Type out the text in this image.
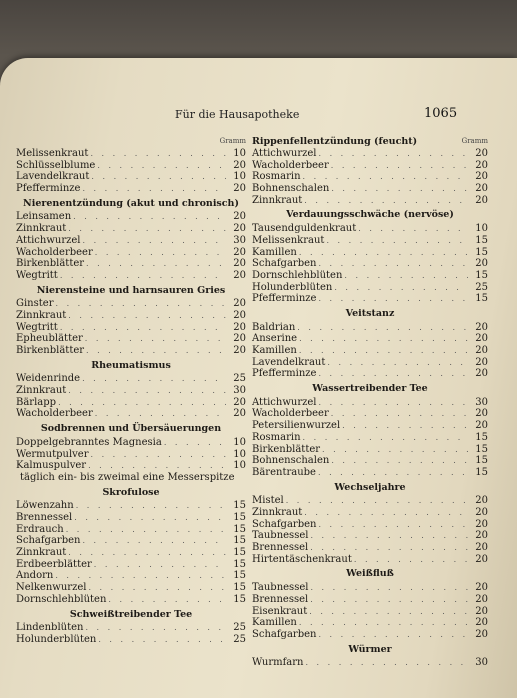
Für die Hausapotheke	1065
Gramm
Melissenkraut . . .	10
Schlüsselblume . . .	20
Lavendelkraut . . .	10
Pfefferminze . . .	20
Nierenentzündung (akut und chronisch)
Leinsamen . . .	20
Zinnkraut . . .	20
Attichwurzel . . .	30
Wacholderbeer . . .	20
Birkenblätter . . .	20
Wegtritt . . .	20
Nierensteine und harnsauren Gries
Ginster . . .	20
Zinnkraut . . .	20
Wegtritt . . .	20
Epheublätter . . .	20
Birkenblätter . . .	20
Rheumatismus
Weidenrinde . . .	25
Zinnkraut . . .	30
Bärlapp . . .	20
Wacholderbeer . . .	20
Sodbrennen und Übersäuerungen
Doppelgebranntes Magnesia . . .	10
Wermutpulver . . .	10
Kalmuspulver . . .	10
täglich ein- bis zweimal eine Messerspitze
Skrofulose
Löwenzahn . . .	15
Brennessel . . .	15
Erdrauch . . .	15
Schafgarben . . .	15
Zinnkraut . . .	15
Erdbeerblätter . . .	15
Andorn . . .	15
Nelkenwurzel . . .	15
Dornschlehblüten . . .	15
Schweißtreibender Tee
Lindenblüten . . .	25
Holunderblüten . . .	25
Rippenfellentzündung (feucht)	Gramm
Attichwurzel . . .	20
Wacholderbeer . . .	20
Rosmarin . . .	20
Bohnenschalen . . .	20
Zinnkraut . . .	20
Verdauungsschwäche (nervöse)
Tausendguldenkraut . . .	10
Melissenkraut . . .	15
Kamillen . . .	15
Schafgarben . . .	20
Dornschlehblüten . . .	15
Holunderblüten . . .	25
Pfefferminze . . .	15
Veitstanz
Baldrian . . .	20
Anserine . . .	20
Kamillen . . .	20
Lavendelkraut . . .	20
Pfefferminze . . .	20
Wassertreibender Tee
Attichwurzel . . .	30
Wacholderbeer . . .	20
Petersilienwurzel . . .	20
Rosmarin . . .	15
Birkenblätter . . .	15
Bohnenschalen . . .	15
Bärentraube . . .	15
Wechseljahre
Mistel . . .	20
Zinnkraut . . .	20
Schafgarben . . .	20
Taubnessel . . .	20
Brennessel . . .	20
Hirtentäschenkraut . . .	20
Weißfluß
Taubnessel . . .	20
Brennessel . . .	20
Eisenkraut . . .	20
Kamillen . . .	20
Schafgarben . . .	20
Würmer
Wurmfarn . . .	30
